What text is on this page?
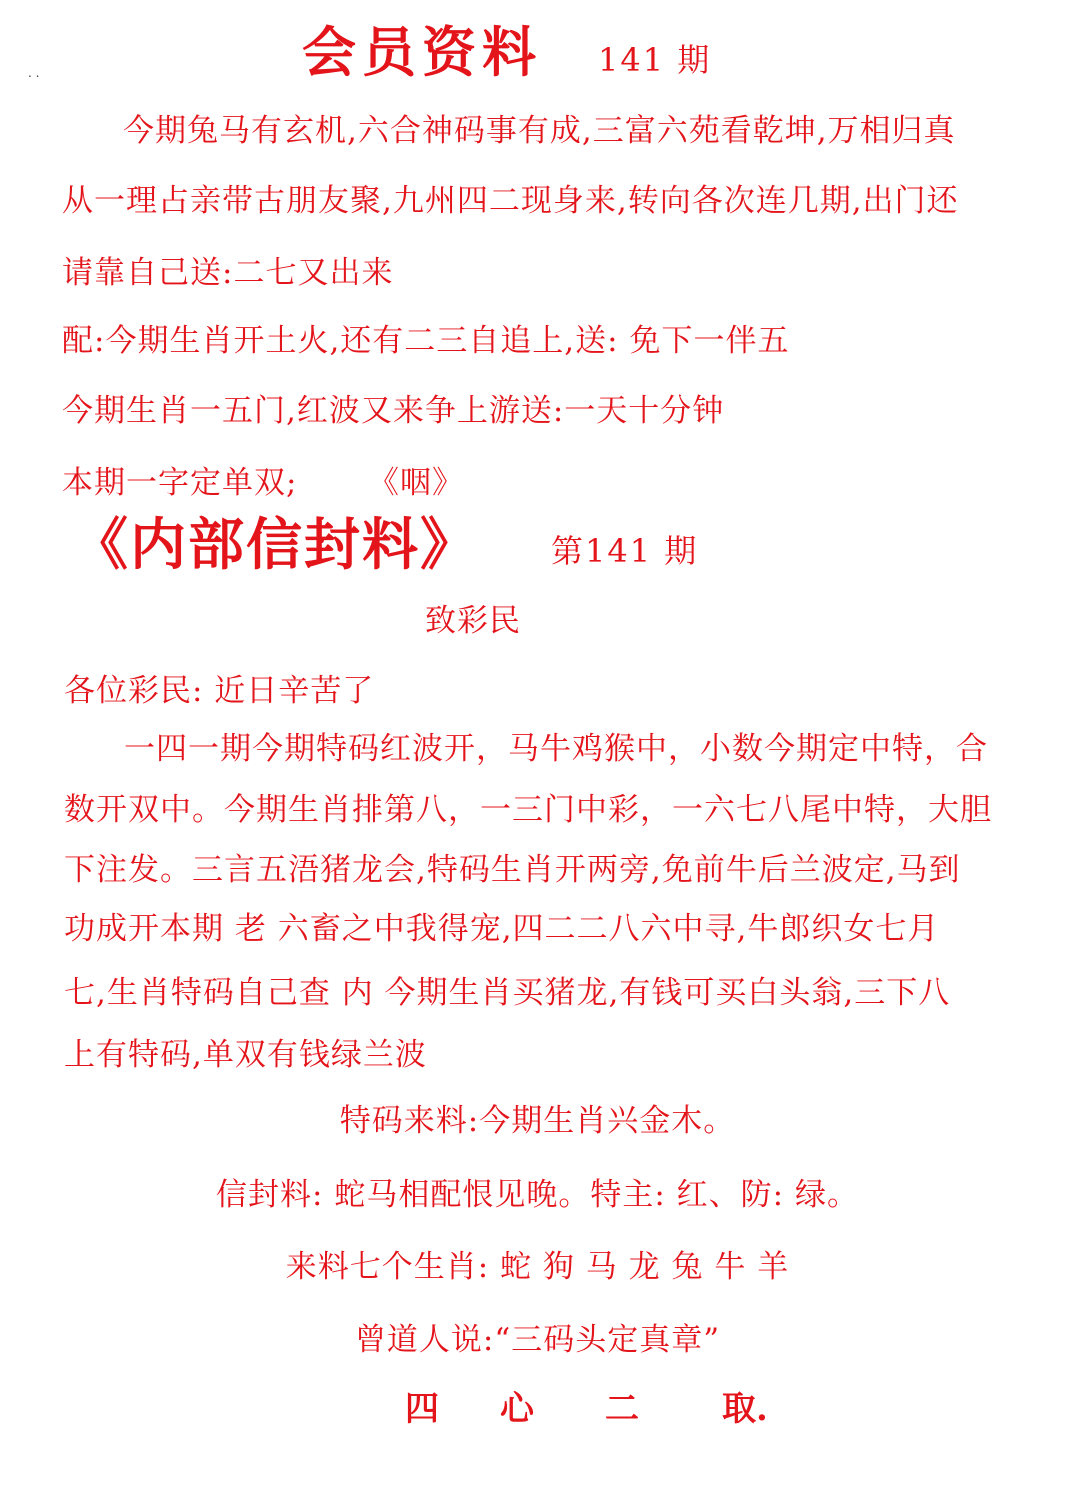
. .	会员资料 141 期
今期兔马有玄机,六合神码事有成,三富六苑看乾坤,万相归真
从一理占亲带古朋友聚,九州四二现身来,转向各次连几期,出门还
请靠自己送:二七又出来
配:今期生肖开土火,还有二三自追上,送: 免下一伴五
今期生肖一五门,红波又来争上游送:一天十分钟
本期一字定单双; 《咽》
《内部信封料》 第141 期
致彩民
各位彩民: 近日辛苦了
一四一期今期特码红波开，马牛鸡猴中，小数今期定中特，合
数开双中。今期生肖排第八，一三门中彩，一六七八尾中特，大胆
下注发。三言五浯猪龙会,特码生肖开两旁,免前牛后兰波定,马到
功成开本期 老 六畜之中我得宠,四二二八六中寻,牛郎织女七月
七,生肖特码自己查 内 今期生肖买猪龙,有钱可买白头翁,三下八
上有特码,单双有钱绿兰波
特码来料:今期生肖兴金木。
信封料: 蛇马相配恨见晚。特主: 红、防: 绿。
来料七个生肖: 蛇 狗 马 龙 兔 牛 羊
曾道人说:“三码头定真章”
四 心 二 取.
